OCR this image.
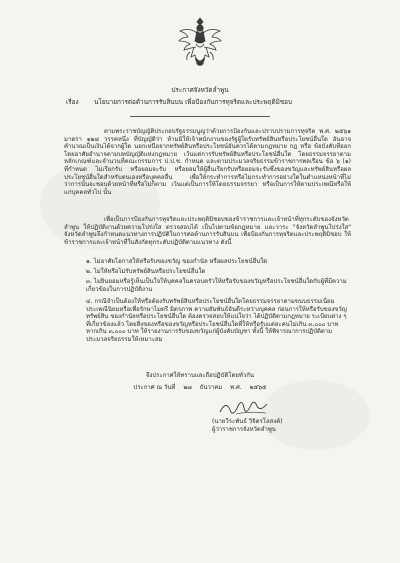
ประกาศจังหวัดลำพูน
เรื่อง นโยบายการต่อต้านการรับสินบน เพื่อป้องกันการทุจริตและประพฤติมิชอบ
ตามพระราชบัญญัติประกอบรัฐธรรมนูญว่าด้วยการป้องกันและปราบปรามการทุจริต พ.ศ. ๒๕๖๑ มาตรา ๑๒๘ วรรคหนึ่ง ที่บัญญัติว่า ห้ามมิให้เจ้าพนักงานของรัฐผู้ใดรับทรัพย์สินหรือประโยชน์อื่นใด อันอาจคำนวณเป็นเงินได้จากผู้ใด นอกเหนือจากทรัพย์สินหรือประโยชน์อันควรได้ตามกฎหมาย กฎ หรือ ข้อบังคับที่ออกโดยอาศัยอำนาจตามบทบัญญัติแห่งกฎหมาย เว้นแต่การรับทรัพย์สินหรือประโยชน์อื่นใด โดยธรรมจรรยาตามหลักเกณฑ์และจำนวนที่คณะกรรมการ ป.ป.ช. กำหนด และตามประมวลจริยธรรมข้าราชการพลเรือน ข้อ ๖ (๑) ที่กำหนด ไม่เรียกรับ หรือยอมจะรับ หรือยอมให้ผู้อื่นเรียกรับหรือยอมจะรับซึ่งของขวัญและทรัพย์สินหรือผลประโยชน์อื่นใดสำหรับตนเองหรือบุคคลอื่น เพื่อให้กระทำการหรือไม่กระทำการอย่างใดในตำแหน่งหน้าที่ไม่ว่าการนั้นจะชอบด้วยหน้าที่หรือไม่ก็ตาม เว้นแต่เป็นการให้โดยธรรมจรรยา หรือเป็นการให้ตามประเพณีหรือให้แก่บุคคลทั่วไป นั้น
เพื่อเป็นการป้องกันการทุจริตและประพฤติมิชอบของข้าราชการและเจ้าหน้าที่ทุกระดับของจังหวัดลำพูน ให้ปฏิบัติงานด้วยความโปร่งใส ตรวจสอบได้ เป็นไปตามข้อกฎหมาย และวาระ "จังหวัดลำพูนโปร่งใส" จังหวัดลำพูนจึงกำหนดแนวทางการปฏิบัติในการต่อต้านการรับสินบน เพื่อป้องกันการทุจริตและประพฤติมิชอบ ให้ข้าราชการและเจ้าหน้าที่ในสังกัดทุกระดับปฏิบัติตามแนวทาง ดังนี้
๑. ไม่อาศัยโอกาสให้หรือรับของขวัญ ของกำนัล หรือผลประโยชน์อื่นใด
๒. ไม่ให้หรือไม่รับทรัพย์สินหรือประโยชน์อื่นใด
๓. ไม่ยินยอมหรือรู้เห็นเป็นใจให้บุคคลในครอบครัวให้หรือรับของขวัญหรือประโยชน์อื่นใดกับผู้ที่มีความเกี่ยวข้องในการปฏิบัติงาน
๔. กรณีจำเป็นต้องให้หรือต้องรับทรัพย์สินหรือประโยชน์อื่นใดโดยธรรมจรรยาตามขนบธรรมเนียมประเพณีนิยมหรือเพื่อรักษาไมตรี มิตรภาพ ความสัมพันธ์อันดีระหว่างบุคคล ก่อนการให้หรือรับของขวัญทรัพย์สิน ของกำนัลหรือประโยชน์อื่นใด ต้องตรวจสอบให้แน่ใจว่า ได้ปฏิบัติตามกฎหมาย ระเบียบต่าง ๆ ที่เกี่ยวข้องแล้ว โดยสิ่งของหรือของขวัญหรือประโยชน์อื่นใดที่ให้หรือรับแต่ละคนไม่เกิน ๓,๐๐๐ บาท หากเกิน ๓,๐๐๐ บาท ให้รายงานการรับของขวัญแก่ผู้บังคับบัญชา ทั้งนี้ ให้พิจารณาการปฏิบัติตามประมวลจริยธรรมให้เหมาะสม
จึงประกาศให้ทราบและถือปฏิบัติโดยทั่วกัน
ประกาศ ณ วันที่ ๒๗ ธันวาคม พ.ศ. ๒๕๖๕
(นายวีระพันธ์ วิจิตรโลสงค์)
ผู้ว่าราชการจังหวัดลำพูน
